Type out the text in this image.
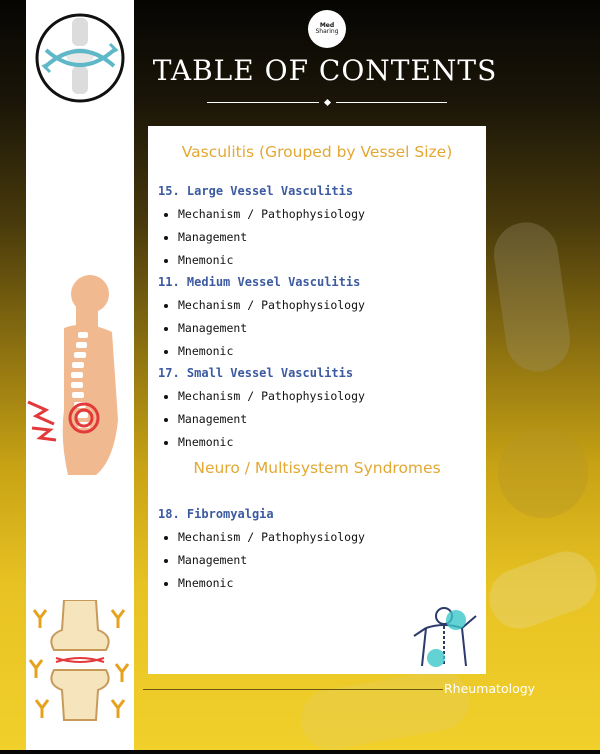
Med
Sharing
TABLE OF CONTENTS
Vasculitis (Grouped by Vessel Size)
15. Large Vessel Vasculitis
Mechanism / Pathophysiology
Management
Mnemonic
11. Medium Vessel Vasculitis
Mechanism / Pathophysiology
Management
Mnemonic
17. Small Vessel Vasculitis
Mechanism / Pathophysiology
Management
Mnemonic
Neuro / Multisystem Syndromes
18. Fibromyalgia
Mechanism / Pathophysiology
Management
Mnemonic
Rheumatology
